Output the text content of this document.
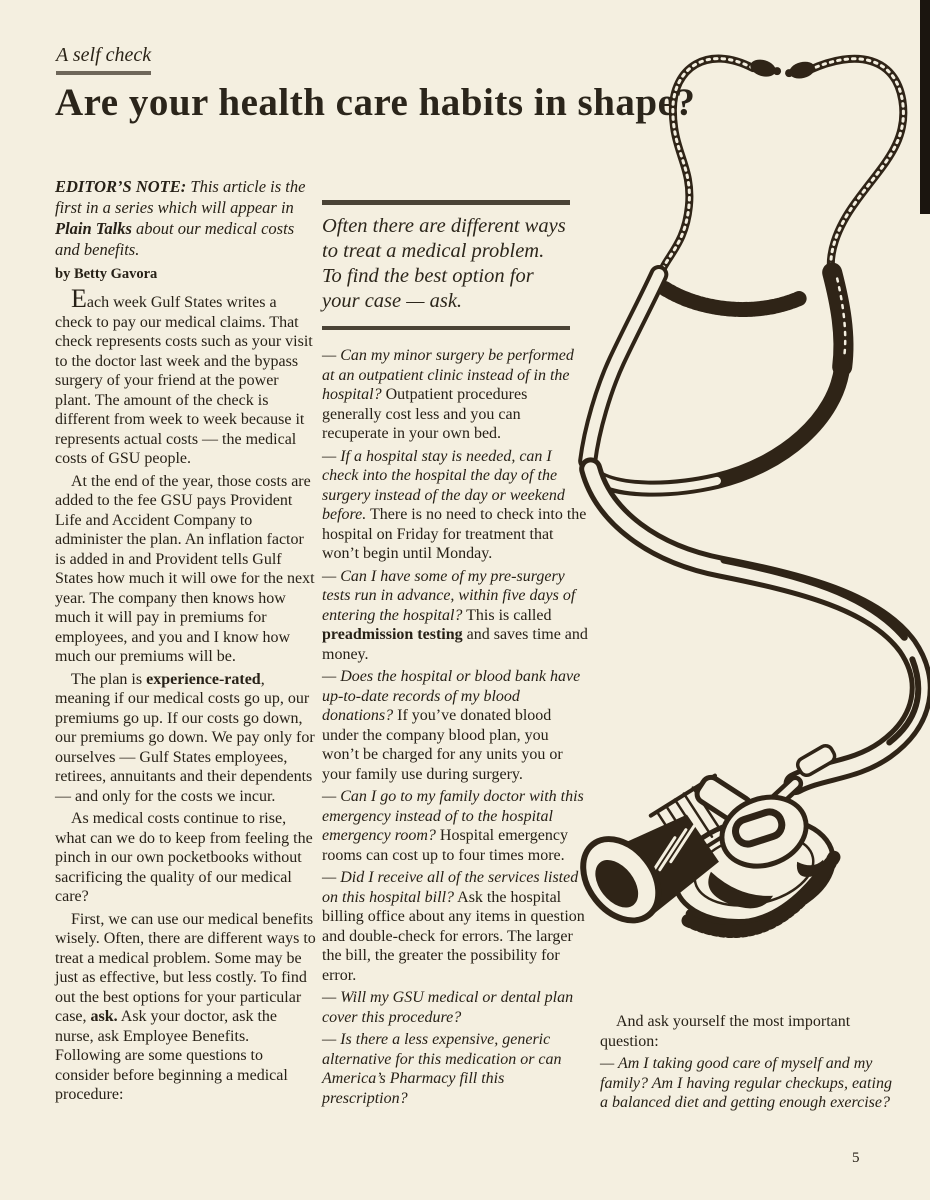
A self check
Are your health care habits in shape?

EDITOR’S NOTE: This article is the first in a series which will appear in Plain Talks about our medical costs and benefits.

by Betty Gavora

Each week Gulf States writes a check to pay our medical claims. That check represents costs such as your visit to the doctor last week and the bypass surgery of your friend at the power plant. The amount of the check is different from week to week because it represents actual costs — the medical costs of GSU people.

At the end of the year, those costs are added to the fee GSU pays Provident Life and Accident Company to administer the plan. An inflation factor is added in and Provident tells Gulf States how much it will owe for the next year. The company then knows how much it will pay in premiums for employees, and you and I know how much our premiums will be.

The plan is experience-rated, meaning if our medical costs go up, our premiums go up. If our costs go down, our premiums go down. We pay only for ourselves — Gulf States employees, retirees, annuitants and their dependents — and only for the costs we incur.

As medical costs continue to rise, what can we do to keep from feeling the pinch in our own pocketbooks without sacrificing the quality of our medical care?

First, we can use our medical benefits wisely. Often, there are different ways to treat a medical problem. Some may be just as effective, but less costly. To find out the best options for your particular case, ask. Ask your doctor, ask the nurse, ask Employee Benefits. Following are some questions to consider before beginning a medical procedure:

Often there are different ways to treat a medical problem. To find the best option for your case — ask.

— Can my minor surgery be performed at an outpatient clinic instead of in the hospital? Outpatient procedures generally cost less and you can recuperate in your own bed.

— If a hospital stay is needed, can I check into the hospital the day of the surgery instead of the day or weekend before. There is no need to check into the hospital on Friday for treatment that won’t begin until Monday.

— Can I have some of my pre-surgery tests run in advance, within five days of entering the hospital? This is called preadmission testing and saves time and money.

— Does the hospital or blood bank have up-to-date records of my blood donations? If you’ve donated blood under the company blood plan, you won’t be charged for any units you or your family use during surgery.

— Can I go to my family doctor with this emergency instead of to the hospital emergency room? Hospital emergency rooms can cost up to four times more.

— Did I receive all of the services listed on this hospital bill? Ask the hospital billing office about any items in question and double-check for errors. The larger the bill, the greater the possibility for error.

— Will my GSU medical or dental plan cover this procedure?

— Is there a less expensive, generic alternative for this medication or can America’s Pharmacy fill this prescription?

And ask yourself the most important question:

— Am I taking good care of myself and my family? Am I having regular checkups, eating a balanced diet and getting enough exercise?

5
